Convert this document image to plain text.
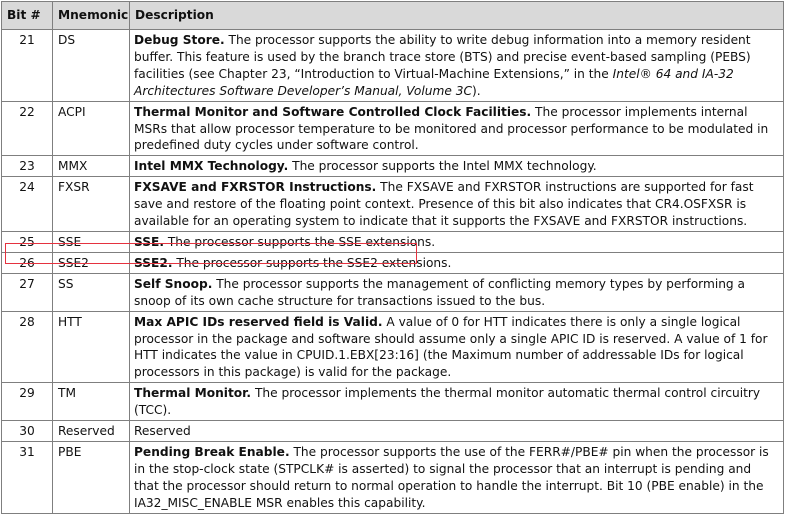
Bit #	Mnemonic	Description
21	DS	Debug Store. The processor supports the ability to write debug information into a memory resident buffer. This feature is used by the branch trace store (BTS) and precise event-based sampling (PEBS) facilities (see Chapter 23, “Introduction to Virtual-Machine Extensions,” in the Intel® 64 and IA-32 Architectures Software Developer’s Manual, Volume 3C).
22	ACPI	Thermal Monitor and Software Controlled Clock Facilities. The processor implements internal MSRs that allow processor temperature to be monitored and processor performance to be modulated in predefined duty cycles under software control.
23	MMX	Intel MMX Technology. The processor supports the Intel MMX technology.
24	FXSR	FXSAVE and FXRSTOR Instructions. The FXSAVE and FXRSTOR instructions are supported for fast save and restore of the floating point context. Presence of this bit also indicates that CR4.OSFXSR is available for an operating system to indicate that it supports the FXSAVE and FXRSTOR instructions.
25	SSE	SSE. The processor supports the SSE extensions.
26	SSE2	SSE2. The processor supports the SSE2 extensions.
27	SS	Self Snoop. The processor supports the management of conflicting memory types by performing a snoop of its own cache structure for transactions issued to the bus.
28	HTT	Max APIC IDs reserved field is Valid. A value of 0 for HTT indicates there is only a single logical processor in the package and software should assume only a single APIC ID is reserved. A value of 1 for HTT indicates the value in CPUID.1.EBX[23:16] (the Maximum number of addressable IDs for logical processors in this package) is valid for the package.
29	TM	Thermal Monitor. The processor implements the thermal monitor automatic thermal control circuitry (TCC).
30	Reserved	Reserved
31	PBE	Pending Break Enable. The processor supports the use of the FERR#/PBE# pin when the processor is in the stop-clock state (STPCLK# is asserted) to signal the processor that an interrupt is pending and that the processor should return to normal operation to handle the interrupt. Bit 10 (PBE enable) in the IA32_MISC_ENABLE MSR enables this capability.
